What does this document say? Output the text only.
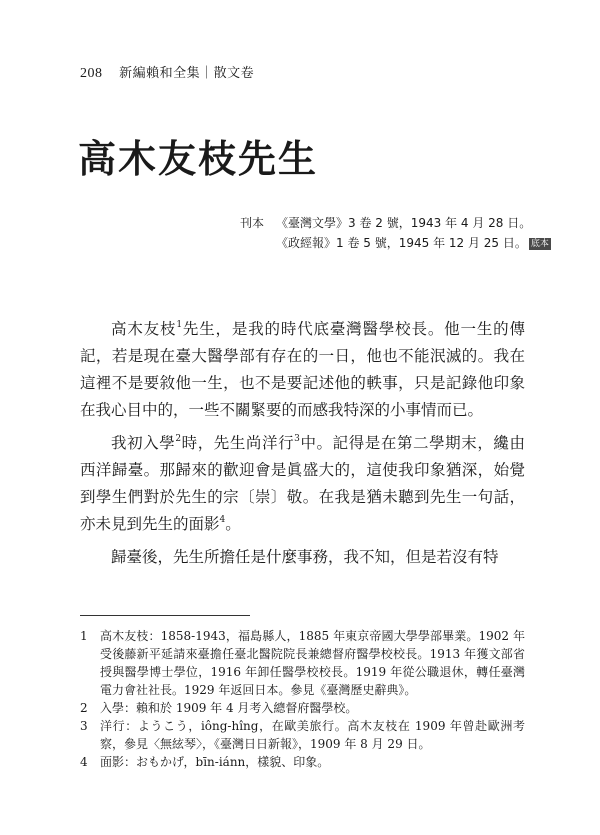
208 新編賴和全集｜散文卷
高木友枝先生
刊本 《臺灣文學》3 卷 2 號，1943 年 4 月 28 日。
《政經報》1 卷 5 號，1945 年 12 月 25 日。 底本

高木友枝$^1$先生，是我的時代底臺灣醫學校長。他一生的傳記，若是現在臺大醫學部有存在的一日，他也不能泯滅的。我在這裡不是要敘他一生，也不是要記述他的軼事，只是記錄他印象在我心目中的，一些不關緊要的而感我特深的小事情而已。

我初入學$^2$時，先生尚洋行$^3$中。記得是在第二學期末，纔由西洋歸臺。那歸來的歡迎會是眞盛大的，這使我印象猶深，始覺到學生們對於先生的宗〔崇〕敬。在我是猶未聽到先生一句話，亦未見到先生的面影$^4$。

歸臺後，先生所擔任是什麼事務，我不知，但是若沒有特

1	高木友枝：1858-1943，福島縣人，1885 年東京帝國大學學部畢業。1902 年受後藤新平延請來臺擔任臺北醫院院長兼總督府醫學校校長。1913 年獲文部省授與醫學博士學位，1916 年卸任醫學校校長。1919 年從公職退休，轉任臺灣電力會社社長。1929 年返回日本。參見《臺灣歷史辭典》。
2	入學：賴和於 1909 年 4 月考入總督府醫學校。
3	洋行：ようこう，iông-hîng，在歐美旅行。高木友枝在 1909 年曾赴歐洲考察，參見〈無絃琴〉，《臺灣日日新報》，1909 年 8 月 29 日。
4	面影：おもかげ，bīn-iánn，樣貌、印象。
